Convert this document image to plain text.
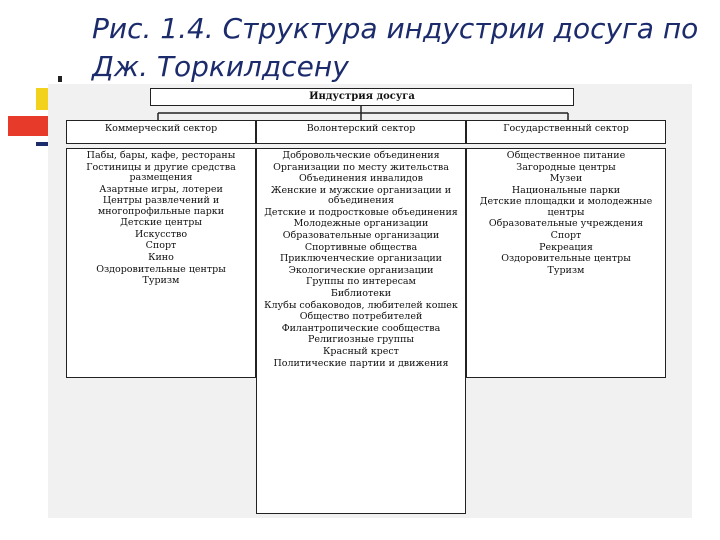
Рис. 1.4. Структура индустрии досуга по Дж. Торкилдсену
Индустрия досуга
Коммерческий сектор	Волонтерский сектор	Государственный сектор
Пабы, бары, кафе, рестораны
Гостиницы и другие средства размещения
Азартные игры, лотереи
Центры развлечений и многопрофильные парки
Детские центры
Искусство
Спорт
Кино
Оздоровительные центры
Туризм
Добровольческие объединения
Организации по месту жительства
Объединения инвалидов
Женские и мужские организации и объединения
Детские и подростковые объединения
Молодежные организации
Образовательные организации
Спортивные общества
Приключенческие организации
Экологические организации
Группы по интересам
Библиотеки
Клубы собаководов, любителей кошек
Общество потребителей
Филантропические сообщества
Религиозные группы
Красный крест
Политические партии и движения
Общественное питание
Загородные центры
Музеи
Национальные парки
Детские площадки и молодежные центры
Образовательные учреждения
Спорт
Рекреация
Оздоровительные центры
Туризм
